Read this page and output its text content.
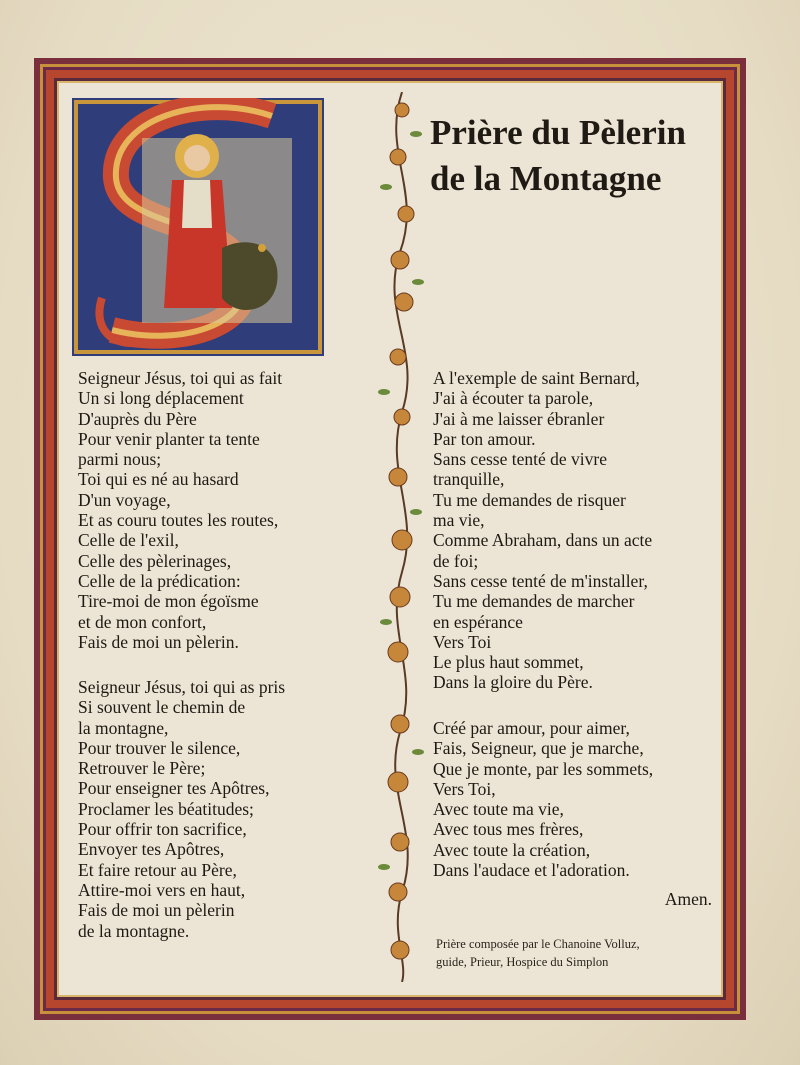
Prière du Pèlerin
de la Montagne
Seigneur Jésus, toi qui as fait
Un si long déplacement
D'auprès du Père
Pour venir planter ta tente
parmi nous;
Toi qui es né au hasard
D'un voyage,
Et as couru toutes les routes,
Celle de l'exil,
Celle des pèlerinages,
Celle de la prédication:
Tire-moi de mon égoïsme
et de mon confort,
Fais de moi un pèlerin.
Seigneur Jésus, toi qui as pris
Si souvent le chemin de
la montagne,
Pour trouver le silence,
Retrouver le Père;
Pour enseigner tes Apôtres,
Proclamer les béatitudes;
Pour offrir ton sacrifice,
Envoyer tes Apôtres,
Et faire retour au Père,
Attire-moi vers en haut,
Fais de moi un pèlerin
de la montagne.
A l'exemple de saint Bernard,
J'ai à écouter ta parole,
J'ai à me laisser ébranler
Par ton amour.
Sans cesse tenté de vivre
tranquille,
Tu me demandes de risquer
ma vie,
Comme Abraham, dans un acte
de foi;
Sans cesse tenté de m'installer,
Tu me demandes de marcher
en espérance
Vers Toi
Le plus haut sommet,
Dans la gloire du Père.
Créé par amour, pour aimer,
Fais, Seigneur, que je marche,
Que je monte, par les sommets,
Vers Toi,
Avec toute ma vie,
Avec tous mes frères,
Avec toute la création,
Dans l'audace et l'adoration.
Amen.
Prière composée par le Chanoine Volluz,
guide, Prieur, Hospice du Simplon
